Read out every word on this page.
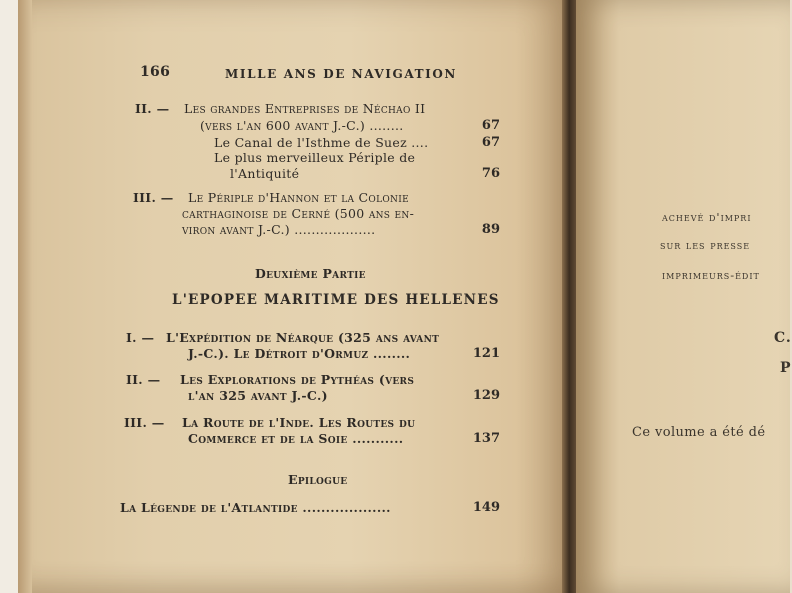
166	MILLE ANS DE NAVIGATION
II. — Les grandes Entreprises de Néchao II
(vers l'an 600 avant J.-C.) ........	67
Le Canal de l'Isthme de Suez ....	67
Le plus merveilleux Périple de
l'Antiquité	76
III. — Le Périple d'Hannon et la Colonie
carthaginoise de Cerné (500 ans en-
viron avant J.-C.) ...................	89
Deuxième Partie
L'EPOPEE MARITIME DES HELLENES
I. — L'Expédition de Néarque (325 ans avant
J.-C.). Le Détroit d'Ormuz ........	121
II. — Les Explorations de Pythéas (vers
l'an 325 avant J.-C.)	129
III. — La Route de l'Inde. Les Routes du
Commerce et de la Soie ...........	137
Epilogue
La Légende de l'Atlantide ...................	149
achevé d'impri
sur les presse
imprimeurs-édit
C.
P
Ce volume a été dé
